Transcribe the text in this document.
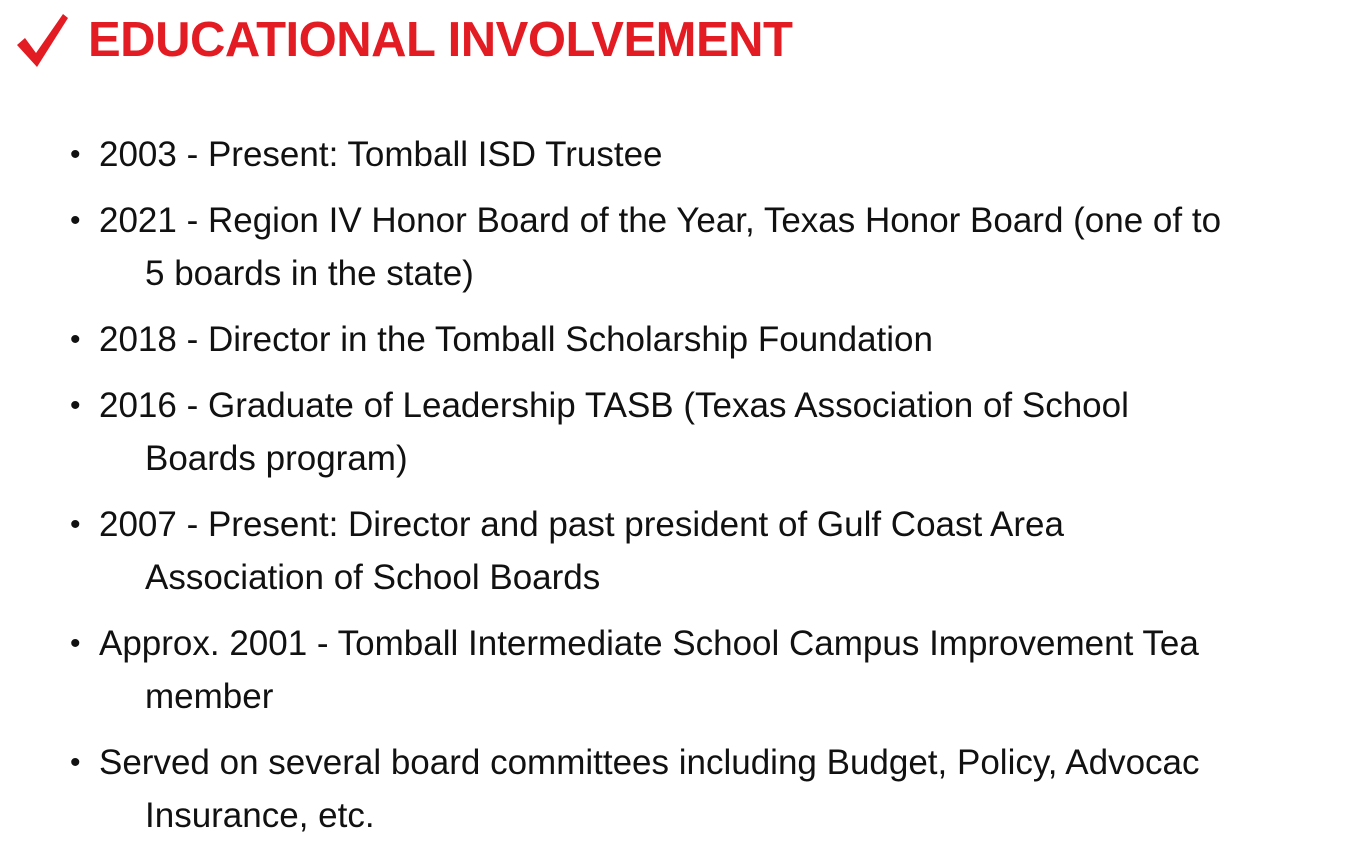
EDUCATIONAL INVOLVEMENT
• 2003 - Present: Tomball ISD Trustee
• 2021 - Region IV Honor Board of the Year, Texas Honor Board (one of to
5 boards in the state)
• 2018 - Director in the Tomball Scholarship Foundation
• 2016 - Graduate of Leadership TASB (Texas Association of School
Boards program)
• 2007 - Present: Director and past president of Gulf Coast Area
Association of School Boards
• Approx. 2001 - Tomball Intermediate School Campus Improvement Tea
member
• Served on several board committees including Budget, Policy, Advocac
Insurance, etc.
